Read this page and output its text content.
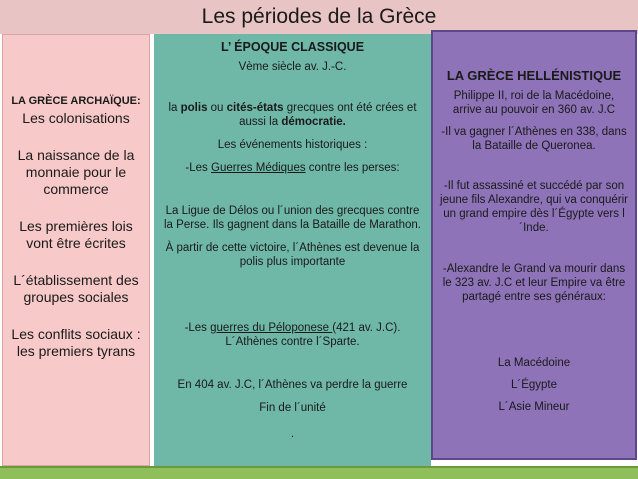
Les périodes de la Grèce
LA GRÈCE ARCHAÏQUE:
Les colonisations
La naissance de la monnaie pour le commerce
Les premières lois vont être écrites
L´établissement des groupes sociales
Les conflits sociaux : les premiers tyrans
L’ ÉPOQUE CLASSIQUE
Vème siècle av. J.-C.
la polis ou cités-états grecques ont été crées et aussi la démocratie.
Les événements historiques :
-Les Guerres Médiques contre les perses:
La Ligue de Délos ou l´union des grecques contre la Perse. Ils gagnent dans la Bataille de Marathon.
À partir de cette victoire, l´Athènes est devenue la polis plus importante
-Les guerres du Péloponese (421 av. J.C).
L´Athènes contre l´Sparte.
En 404 av. J.C, l´Athènes va perdre la guerre
Fin de l´unité
.
LA GRÈCE HELLÉNISTIQUE
Philippe II, roi de la Macédoine, arrive au pouvoir en 360 av. J.C
-Il va gagner l´Athènes en 338, dans la Bataille de Queronea.
-Il fut assassiné et succédé par son jeune fils Alexandre, qui va conquérir un grand empire dès l´Égypte vers l´Inde.
-Alexandre le Grand va mourir dans le 323 av. J.C et leur Empire va être partagé entre ses généraux:
La Macédoine
L´Égypte
L´Asie Mineur
